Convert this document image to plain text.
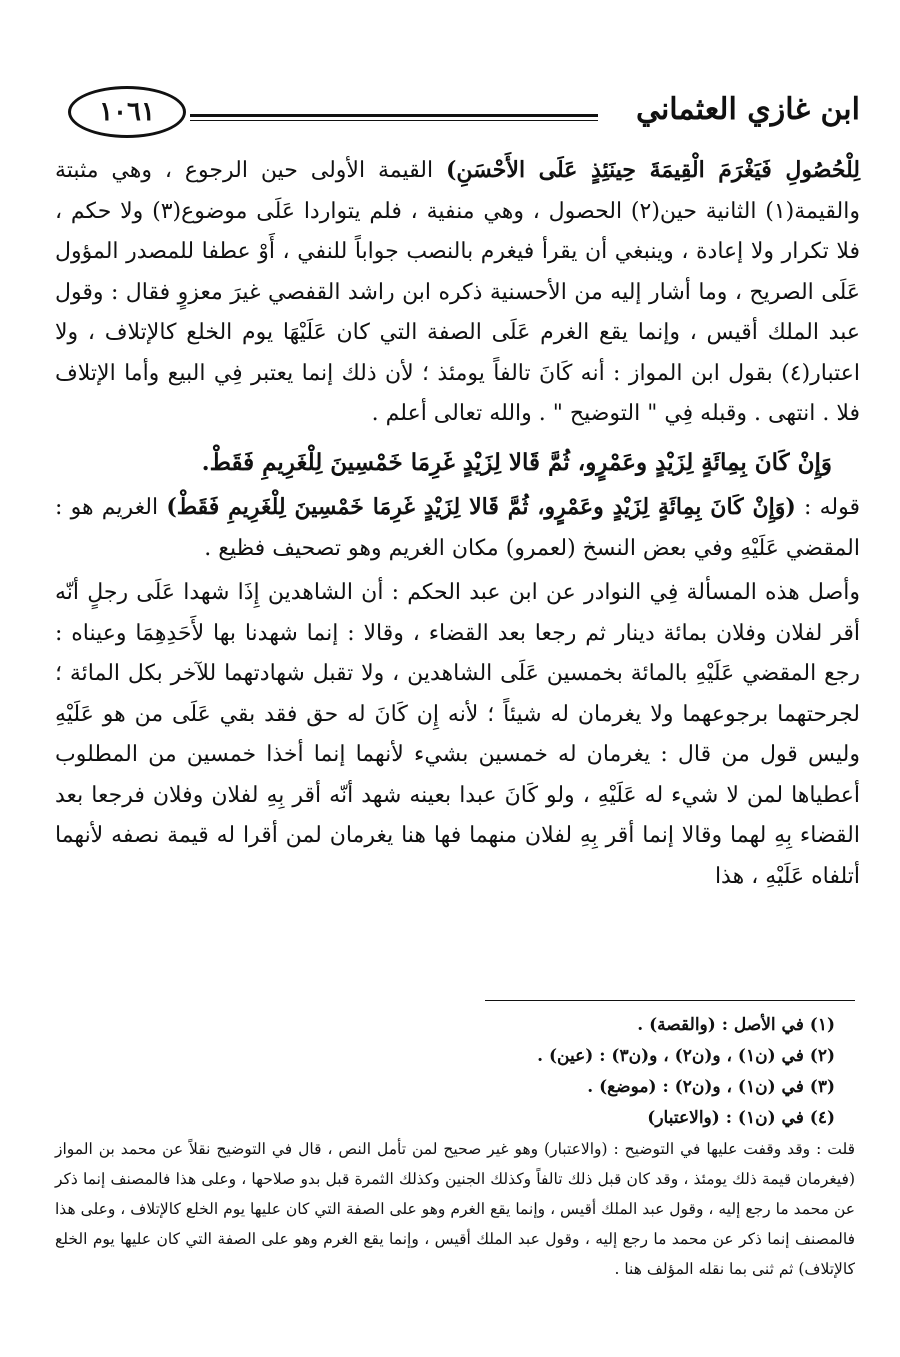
ابن غازي العثماني
١٠٦١

لِلْحُصُولِ فَيَغْرَمَ الْقِيمَةَ حِينَئِذٍ عَلَى الأَحْسَنِ) القيمة الأولى حين الرجوع ، وهي مثبتة والقيمة(١) الثانية حين(٢) الحصول ، وهي منفية ، فلم يتواردا عَلَى موضوع(٣) ولا حكم ، فلا تكرار ولا إعادة ، وينبغي أن يقرأ فيغرم بالنصب جواباً للنفي ، أَوْ عطفا للمصدر المؤول عَلَى الصريح ، وما أشار إليه من الأحسنية ذكره ابن راشد القفصي غيرَ معزوٍ فقال : وقول عبد الملك أقيس ، وإنما يقع الغرم عَلَى الصفة التي كان عَلَيْهَا يوم الخلع كالإتلاف ، ولا اعتبار(٤) بقول ابن المواز : أنه كَانَ تالفاً يومئذ ؛ لأن ذلك إنما يعتبر فِي البيع وأما الإتلاف فلا . انتهى . وقبله فِي " التوضيح " . والله تعالى أعلم .

وَإِنْ كَانَ بِمِائَةٍ لِزَيْدٍ وعَمْرٍو، ثُمَّ قَالا لِزَيْدٍ غَرِمَا خَمْسِينَ لِلْغَرِيمِ فَقَطْ.

قوله : (وَإِنْ كَانَ بِمِائَةٍ لِزَيْدٍ وعَمْرٍو، ثُمَّ قَالا لِزَيْدٍ غَرِمَا خَمْسِينَ لِلْغَرِيمِ فَقَطْ) الغريم هو : المقضي عَلَيْهِ وفي بعض النسخ (لعمرو) مكان الغريم وهو تصحيف فظيع .

وأصل هذه المسألة فِي النوادر عن ابن عبد الحكم : أن الشاهدين إِذَا شهدا عَلَى رجلٍ أنّه أقر لفلان وفلان بمائة دينار ثم رجعا بعد القضاء ، وقالا : إنما شهدنا بها لأَحَدِهِمَا وعيناه : رجع المقضي عَلَيْهِ بالمائة بخمسين عَلَى الشاهدين ، ولا تقبل شهادتهما للآخر بكل المائة ؛ لجرحتهما برجوعهما ولا يغرمان له شيئاً ؛ لأنه إِن كَانَ له حق فقد بقي عَلَى من هو عَلَيْهِ وليس قول من قال : يغرمان له خمسين بشيء لأنهما إنما أخذا خمسين من المطلوب أعطياها لمن لا شيء له عَلَيْهِ ، ولو كَانَ عبدا بعينه شهد أنّه أقر بِهِ لفلان وفلان فرجعا بعد القضاء بِهِ لهما وقالا إنما أقر بِهِ لفلان منهما فها هنا يغرمان لمن أقرا له قيمة نصفه لأنهما أتلفاه عَلَيْهِ ، هذا

(١) في الأصل : (والقصة) .

(٢) في (ن١) ، و(ن٢) ، و(ن٣) : (عين) .

(٣) في (ن١) ، و(ن٢) : (موضع) .

(٤) في (ن١) : (والاعتبار)

قلت : وقد وقفت عليها في التوضيح : (والاعتبار) وهو غير صحيح لمن تأمل النص ، قال في التوضيح نقلاً عن محمد بن المواز (فيغرمان قيمة ذلك يومئذ ، وقد كان قبل ذلك تالفاً وكذلك الجنين وكذلك الثمرة قبل بدو صلاحها ، وعلى هذا فالمصنف إنما ذكر عن محمد ما رجع إليه ، وقول عبد الملك أقيس ، وإنما يقع الغرم وهو على الصفة التي كان عليها يوم الخلع كالإتلاف ، وعلى هذا فالمصنف إنما ذكر عن محمد ما رجع إليه ، وقول عبد الملك أقيس ، وإنما يقع الغرم وهو على الصفة التي كان عليها يوم الخلع كالإتلاف) ثم ثنى بما نقله المؤلف هنا .
